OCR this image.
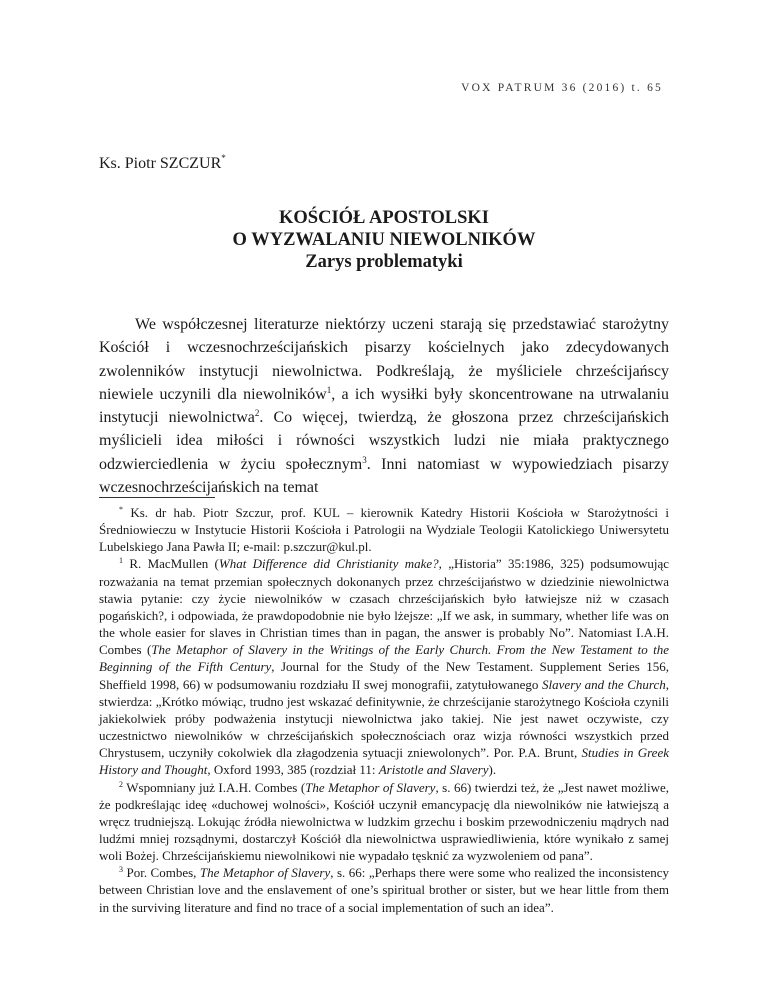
VOX PATRUM 36 (2016) t. 65
Ks. Piotr SZCZUR*
KOŚCIÓŁ APOSTOLSKI
O WYZWALANIU NIEWOLNIKÓW
Zarys problematyki

We współczesnej literaturze niektórzy uczeni starają się przedstawiać starożytny Kościół i wczesnochrześcijańskich pisarzy kościelnych jako zdecydowanych zwolenników instytucji niewolnictwa. Podkreślają, że myśliciele chrześcijańscy niewiele uczynili dla niewolników$^1$, a ich wysiłki były skoncentrowane na utrwalaniu instytucji niewolnictwa$^2$. Co więcej, twierdzą, że głoszona przez chrześcijańskich myślicieli idea miłości i równości wszystkich ludzi nie miała praktycznego odzwierciedlenia w życiu społecznym$^3$. Inni natomiast w wypowiedziach pisarzy wczesnochrześcijańskich na temat

* Ks. dr hab. Piotr Szczur, prof. KUL – kierownik Katedry Historii Kościoła w Starożytności i Średniowieczu w Instytucie Historii Kościoła i Patrologii na Wydziale Teologii Katolickiego Uniwersytetu Lubelskiego Jana Pawła II; e-mail: p.szczur@kul.pl.

$^1$ R. MacMullen (What Difference did Christianity make?, „Historia” 35:1986, 325) podsumowując rozważania na temat przemian społecznych dokonanych przez chrześcijaństwo w dziedzinie niewolnictwa stawia pytanie: czy życie niewolników w czasach chrześcijańskich było łatwiejsze niż w czasach pogańskich?, i odpowiada, że prawdopodobnie nie było lżejsze: „If we ask, in summary, whether life was on the whole easier for slaves in Christian times than in pagan, the answer is probably No”. Natomiast I.A.H. Combes (The Metaphor of Slavery in the Writings of the Early Church. From the New Testament to the Beginning of the Fifth Century, Journal for the Study of the New Testament. Supplement Series 156, Sheffield 1998, 66) w podsumowaniu rozdziału II swej monografii, zatytułowanego Slavery and the Church, stwierdza: „Krótko mówiąc, trudno jest wskazać definitywnie, że chrześcijanie starożytnego Kościoła czynili jakiekolwiek próby podważenia instytucji niewolnictwa jako takiej. Nie jest nawet oczywiste, czy uczestnictwo niewolników w chrześcijańskich społecznościach oraz wizja równości wszystkich przed Chrystusem, uczyniły cokolwiek dla złagodzenia sytuacji zniewolonych”. Por. P.A. Brunt, Studies in Greek History and Thought, Oxford 1993, 385 (rozdział 11: Aristotle and Slavery).

$^2$ Wspomniany już I.A.H. Combes (The Metaphor of Slavery, s. 66) twierdzi też, że „Jest nawet możliwe, że podkreślając ideę «duchowej wolności», Kościół uczynił emancypację dla niewolników nie łatwiejszą a wręcz trudniejszą. Lokując źródła niewolnictwa w ludzkim grzechu i boskim przewodniczeniu mądrych nad ludźmi mniej rozsądnymi, dostarczył Kościół dla niewolnictwa usprawiedliwienia, które wynikało z samej woli Bożej. Chrześcijańskiemu niewolnikowi nie wypadało tęsknić za wyzwoleniem od pana”.

$^3$ Por. Combes, The Metaphor of Slavery, s. 66: „Perhaps there were some who realized the inconsistency between Christian love and the enslavement of one’s spiritual brother or sister, but we hear little from them in the surviving literature and find no trace of a social implementation of such an idea”.
